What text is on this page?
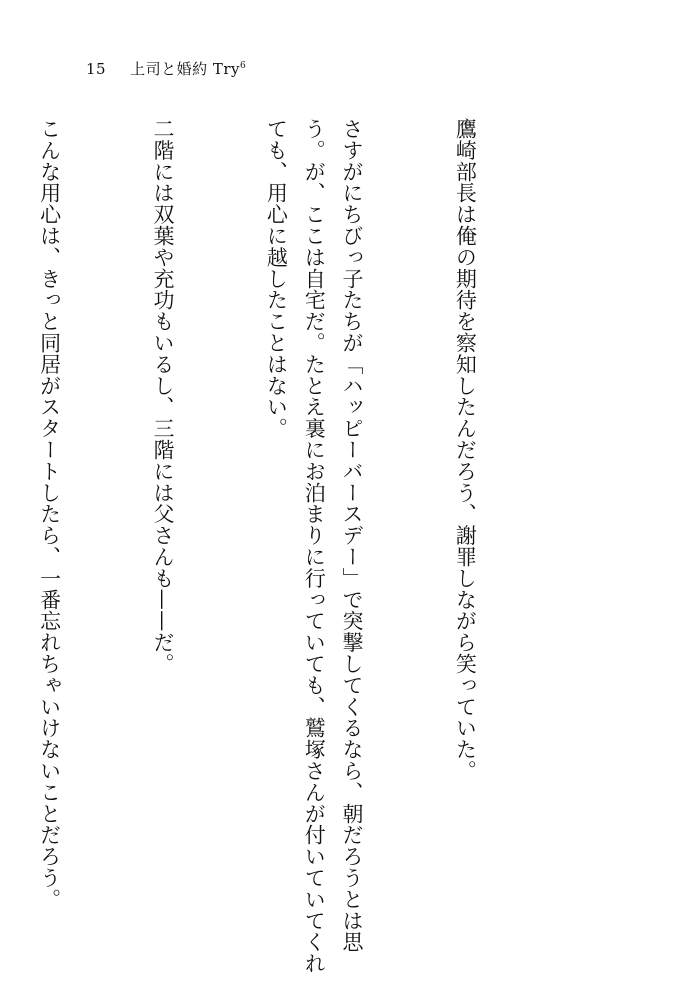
15 上司と婚約 Try$^6$

鷹崎部長は俺の期待を察知したんだろう、謝罪しながら笑っていた。

さすがにちびっ子たちが「ハッピーバースデー」で突撃してくるなら、朝だろうとは思う。が、ここは自宅だ。たとえ裏にお泊まりに行っていても、鷲塚さんが付いていてくれても、用心に越したことはない。

二階には双葉や充功もいるし、三階には父さんも——だ。

こんな用心は、きっと同居がスタートしたら、一番忘れちゃいけないことだろう。
